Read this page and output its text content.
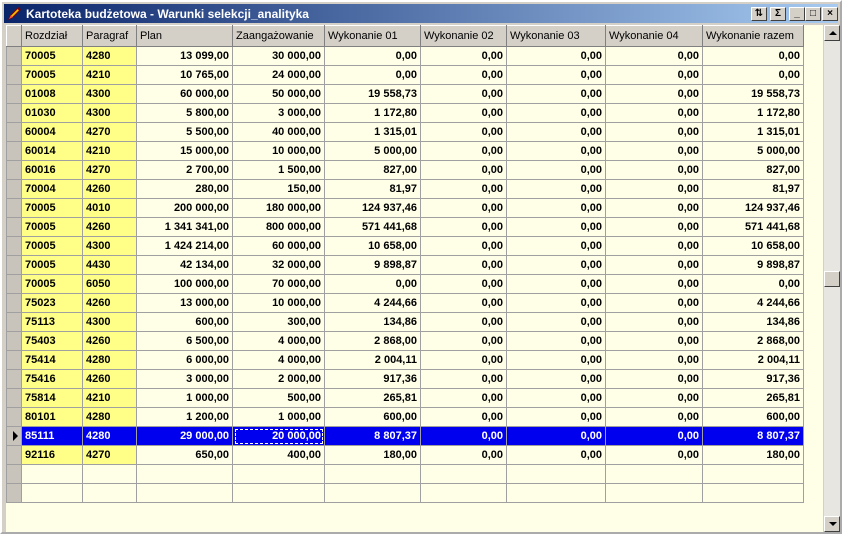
Kartoteka budżetowa - Warunki selekcji_analityka	⇅	Σ	_	□	×
	Rozdział	Paragraf	Plan	Zaangażowanie	Wykonanie 01	Wykonanie 02	Wykonanie 03	Wykonanie 04	Wykonanie razem
	70005	4280	13 099,00	30 000,00	0,00	0,00	0,00	0,00	0,00
	70005	4210	10 765,00	24 000,00	0,00	0,00	0,00	0,00	0,00
	01008	4300	60 000,00	50 000,00	19 558,73	0,00	0,00	0,00	19 558,73
	01030	4300	5 800,00	3 000,00	1 172,80	0,00	0,00	0,00	1 172,80
	60004	4270	5 500,00	40 000,00	1 315,01	0,00	0,00	0,00	1 315,01
	60014	4210	15 000,00	10 000,00	5 000,00	0,00	0,00	0,00	5 000,00
	60016	4270	2 700,00	1 500,00	827,00	0,00	0,00	0,00	827,00
	70004	4260	280,00	150,00	81,97	0,00	0,00	0,00	81,97
	70005	4010	200 000,00	180 000,00	124 937,46	0,00	0,00	0,00	124 937,46
	70005	4260	1 341 341,00	800 000,00	571 441,68	0,00	0,00	0,00	571 441,68
	70005	4300	1 424 214,00	60 000,00	10 658,00	0,00	0,00	0,00	10 658,00
	70005	4430	42 134,00	32 000,00	9 898,87	0,00	0,00	0,00	9 898,87
	70005	6050	100 000,00	70 000,00	0,00	0,00	0,00	0,00	0,00
	75023	4260	13 000,00	10 000,00	4 244,66	0,00	0,00	0,00	4 244,66
	75113	4300	600,00	300,00	134,86	0,00	0,00	0,00	134,86
	75403	4260	6 500,00	4 000,00	2 868,00	0,00	0,00	0,00	2 868,00
	75414	4280	6 000,00	4 000,00	2 004,11	0,00	0,00	0,00	2 004,11
	75416	4260	3 000,00	2 000,00	917,36	0,00	0,00	0,00	917,36
	75814	4210	1 000,00	500,00	265,81	0,00	0,00	0,00	265,81
	80101	4280	1 200,00	1 000,00	600,00	0,00	0,00	0,00	600,00

	85111	4280	29 000,00	20 000,00	8 807,37	0,00	0,00	0,00	8 807,37
	92116	4270	650,00	400,00	180,00	0,00	0,00	0,00	180,00
